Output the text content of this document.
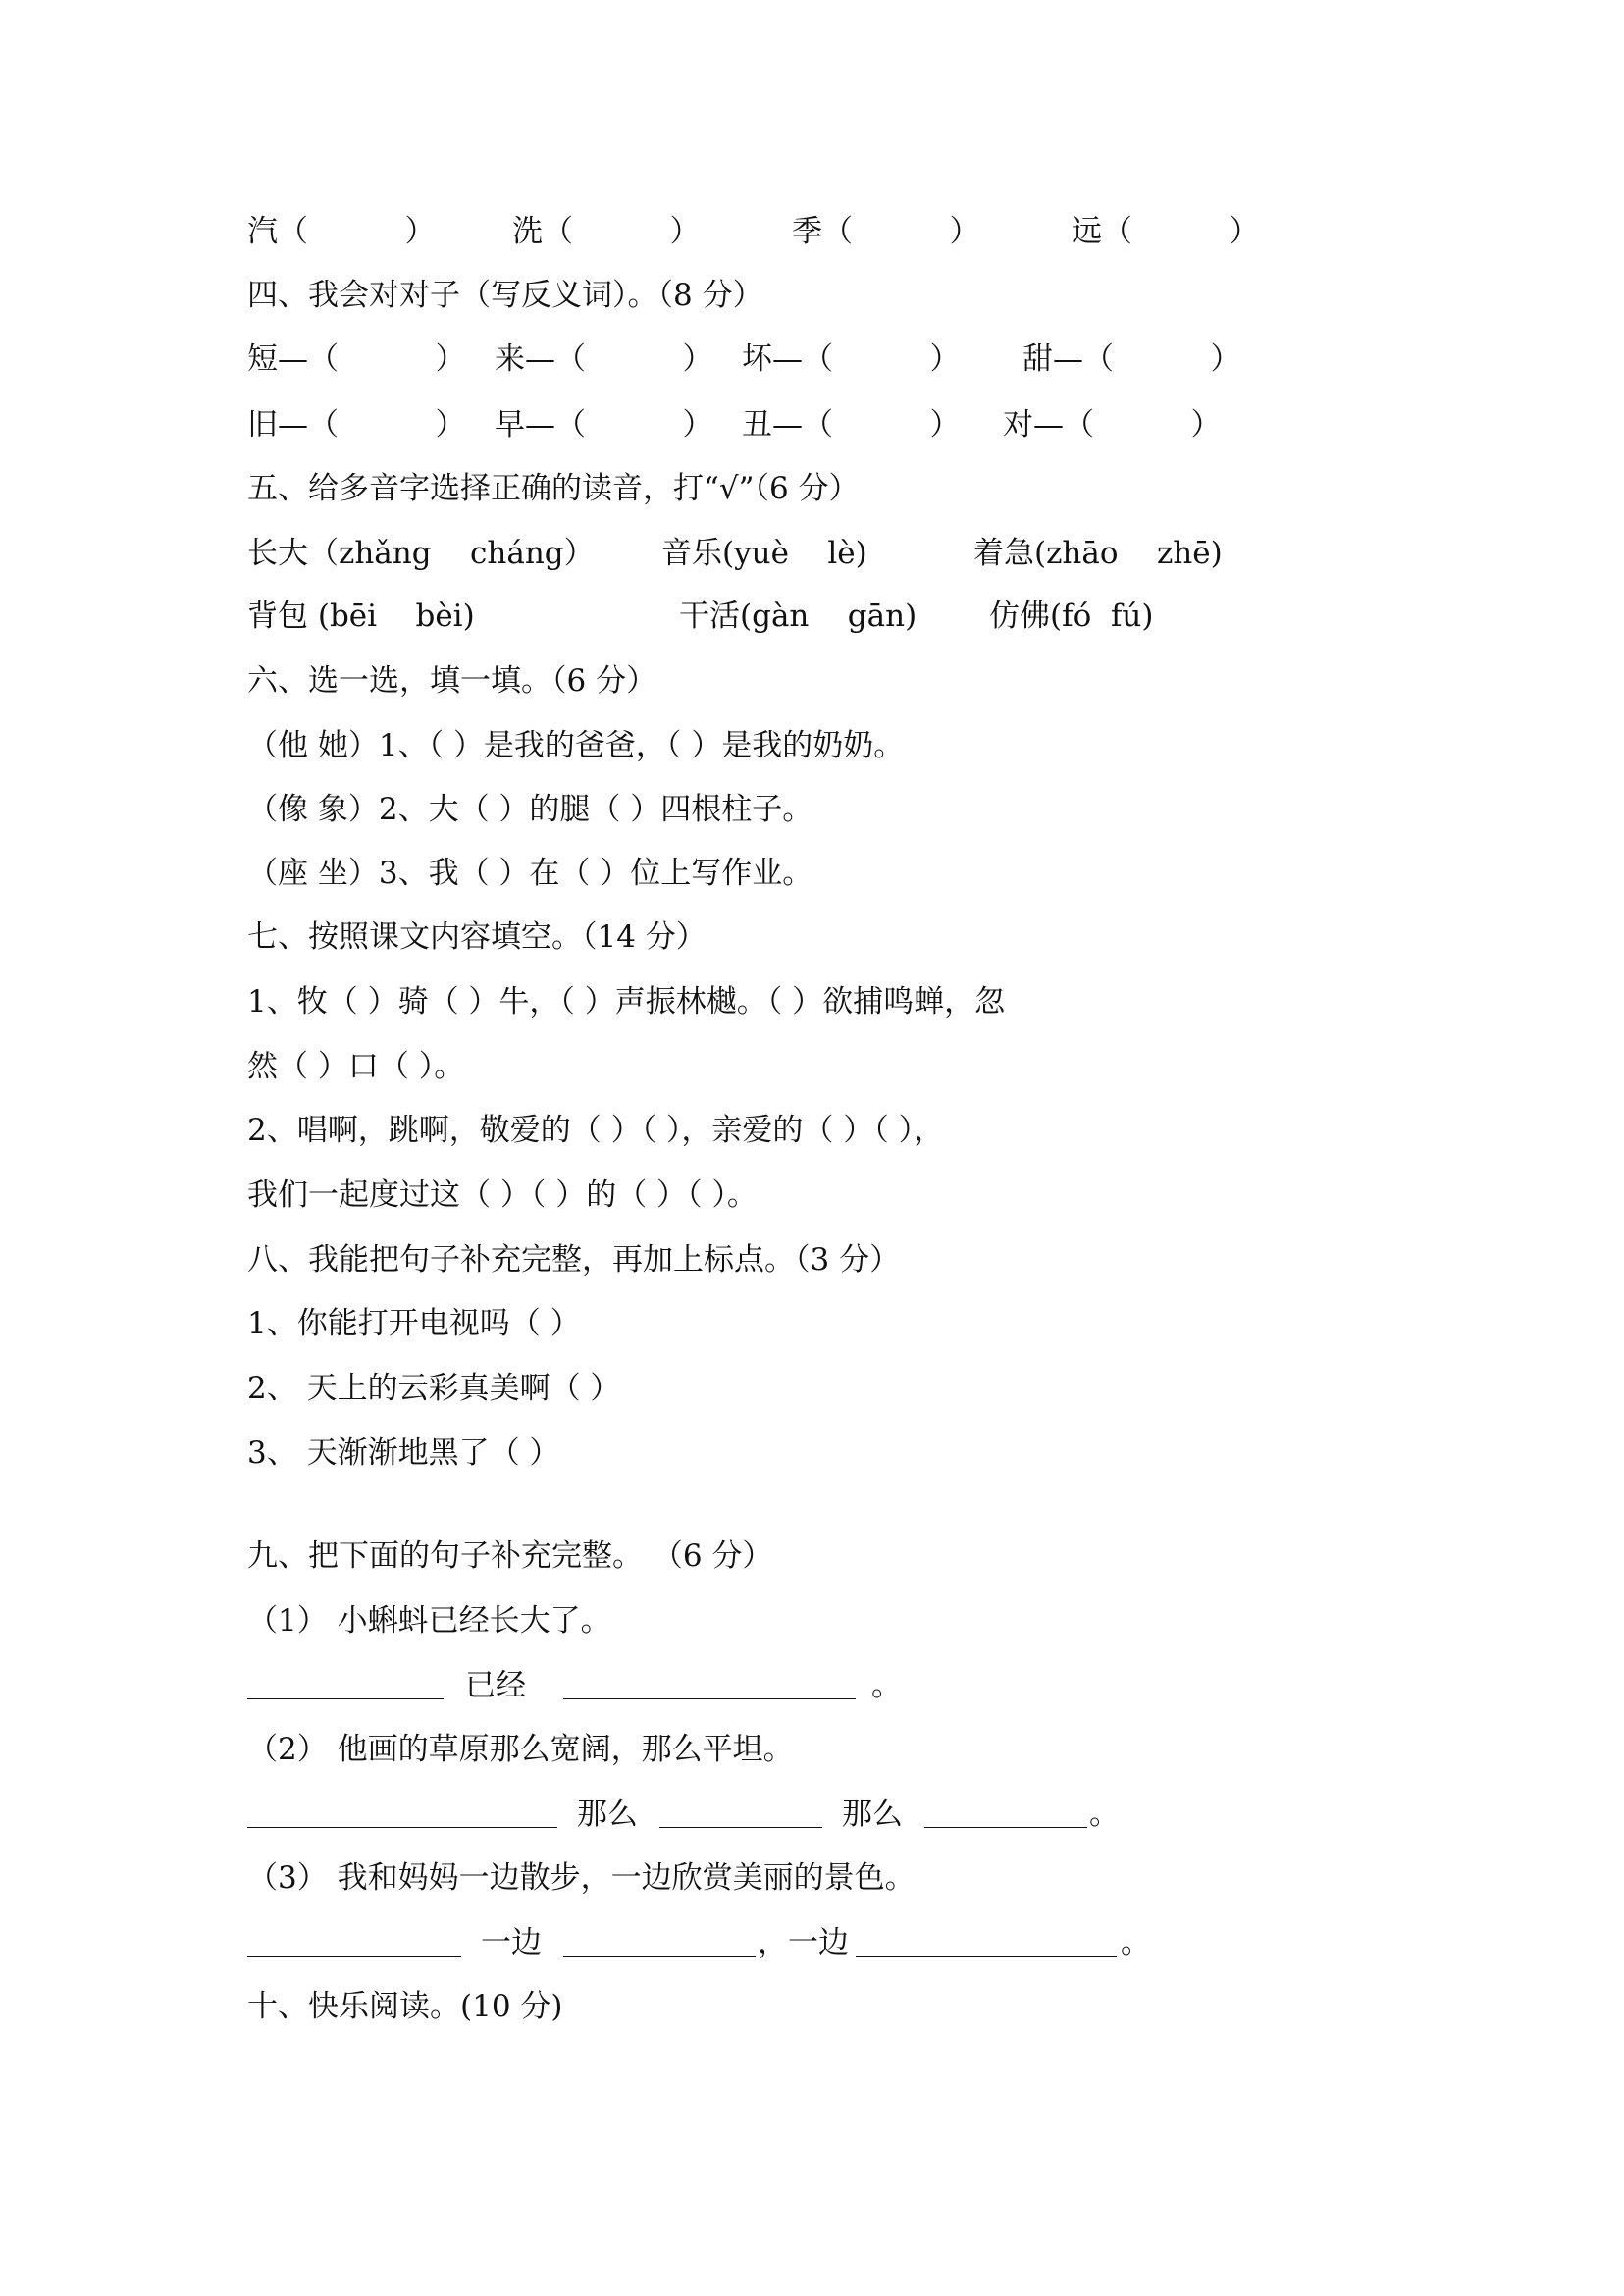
汽（          ）	洗（          ）	季（          ）	远（          ）
四、我会对对子（写反义词）。（8 分）
短—（          ） 来—（          ） 坏—（          ） 甜—（          ）
旧—（          ） 早—（          ） 丑—（          ） 对—（          ）
五、给多音字选择正确的读音，打“√”（6 分）
长大（zhǎng    cháng） 音乐(yuè    lè)	着急(zhāo    zhē)
背包 (bēi    bèi)	干活(gàn    gān) 仿佛(fó  fú)
六、选一选，填一填。（6 分）
（他 她）1、（ ）是我的爸爸，（ ）是我的奶奶。
（像 象）2、大（ ）的腿（ ）四根柱子。
（座 坐）3、我（ ）在（ ）位上写作业。
七、按照课文内容填空。（14 分）
1、牧（ ）骑（ ）牛，（ ）声振林樾。（ ）欲捕鸣蝉，忽
然（ ）口（ ）。
2、唱啊，跳啊，敬爱的（ ）（ ），亲爱的（ ）（ ），
我们一起度过这（ ）（ ）的（ ）（ ）。
八、我能把句子补充完整，再加上标点。（3 分）
1、你能打开电视吗（ ）
2、 天上的云彩真美啊（ ）
3、 天渐渐地黑了（ ）
九、把下面的句子补充完整。 （6 分）
（1） 小蝌蚪已经长大了。
已经	。
（2） 他画的草原那么宽阔，那么平坦。
那么	那么	。
（3） 我和妈妈一边散步，一边欣赏美丽的景色。
一边	，一边	。
十、快乐阅读。(10 分)
